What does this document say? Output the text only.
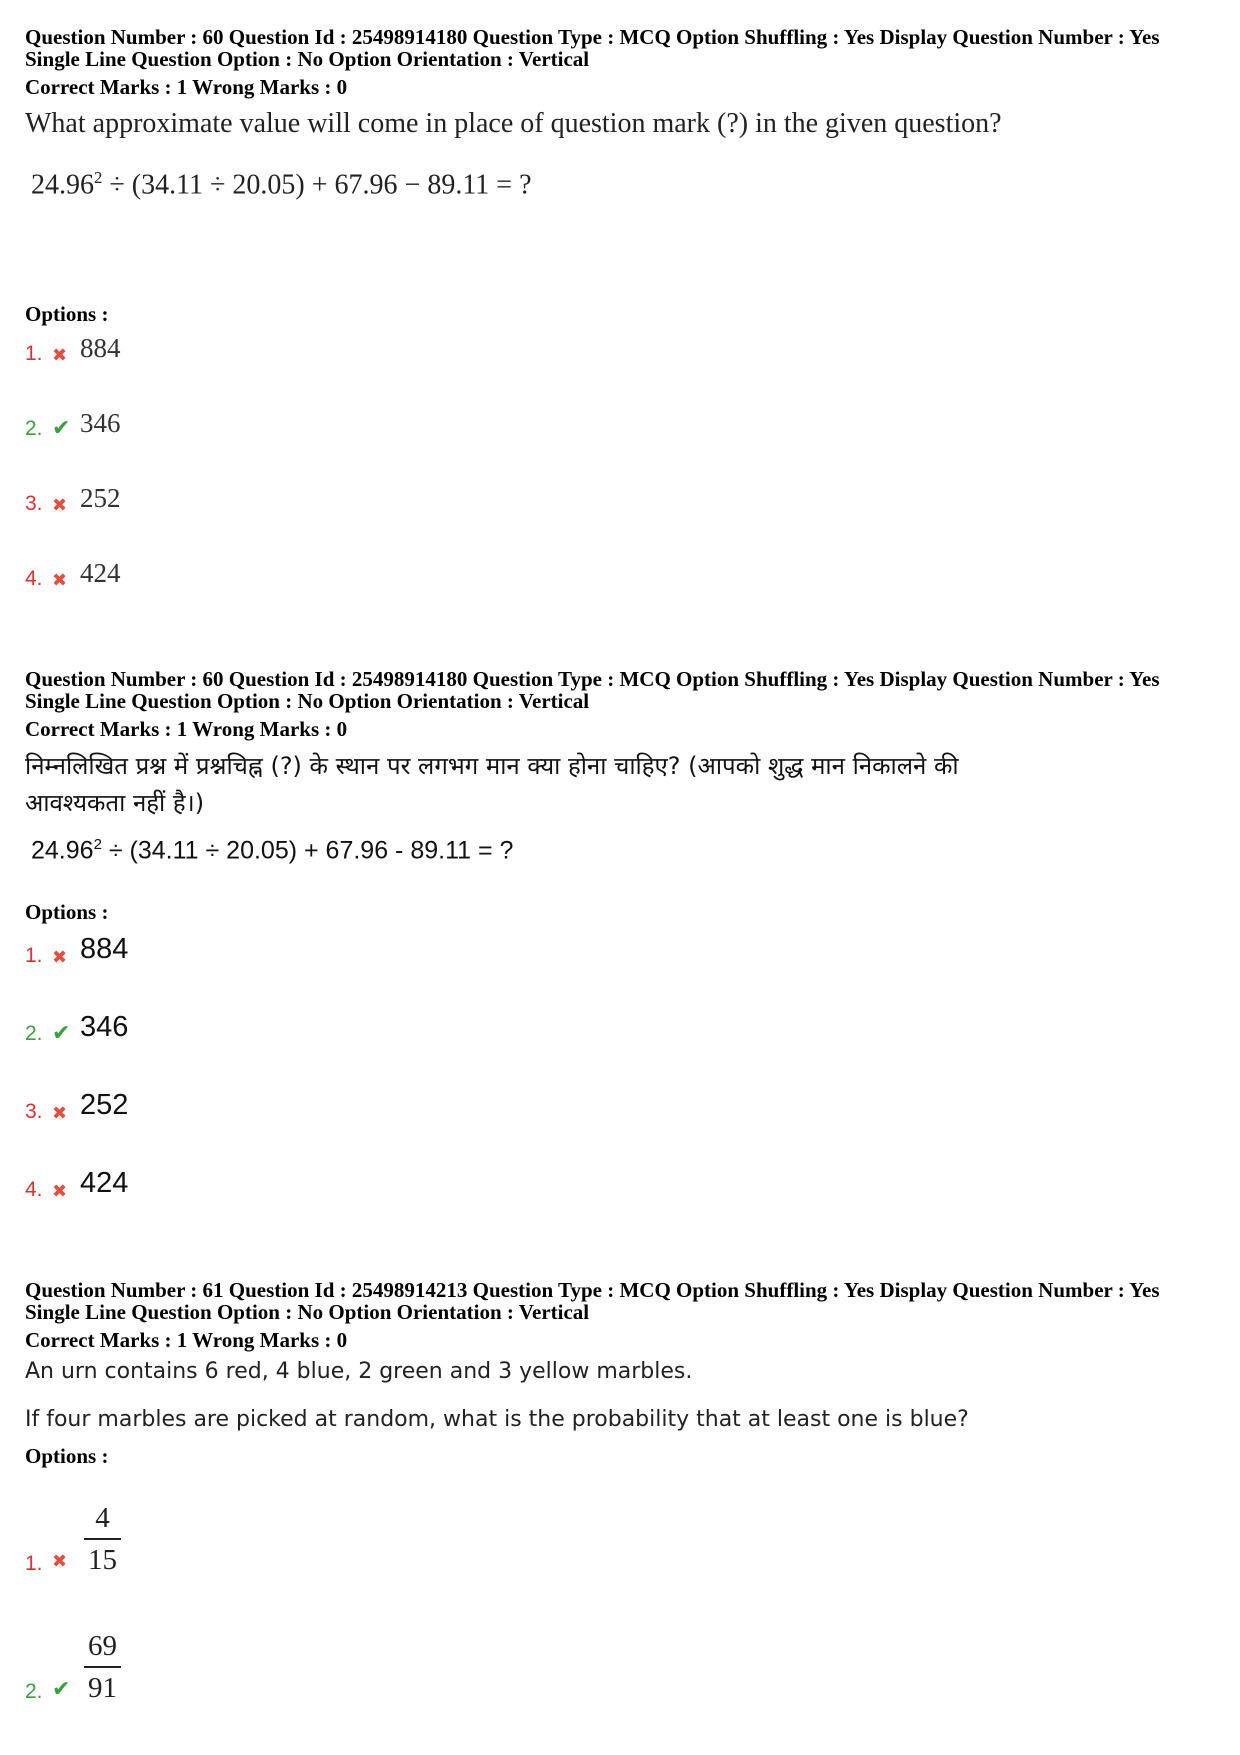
Question Number : 60 Question Id : 25498914180 Question Type : MCQ Option Shuffling : Yes Display Question Number : Yes

Single Line Question Option : No Option Orientation : Vertical

Correct Marks : 1 Wrong Marks : 0

What approximate value will come in place of question mark (?) in the given question?

$24.96^2 \div (34.11 \div 20.05) + 67.96 - 89.11$ = ?

Options :

1. ✖ 884
2. ✔ 346
3. ✖ 252
4. ✖ 424

Question Number : 60 Question Id : 25498914180 Question Type : MCQ Option Shuffling : Yes Display Question Number : Yes

Single Line Question Option : No Option Orientation : Vertical

Correct Marks : 1 Wrong Marks : 0

निम्नलिखित प्रश्न में प्रश्नचिह्न (?) के स्थान पर लगभग मान क्या होना चाहिए? (आपको शुद्ध मान निकालने की
आवश्यकता नहीं है।)

$24.96^2 \div (34.11 \div 20.05) + 67.96 - 89.11$ = ?

Options :

1. ✖ 884
2. ✔ 346
3. ✖ 252
4. ✖ 424

Question Number : 61 Question Id : 25498914213 Question Type : MCQ Option Shuffling : Yes Display Question Number : Yes

Single Line Question Option : No Option Orientation : Vertical

Correct Marks : 1 Wrong Marks : 0

An urn contains 6 red, 4 blue, 2 green and 3 yellow marbles.

If four marbles are picked at random, what is the probability that at least one is blue?

Options :

1. ✖ $\frac{4}{15}$
2. ✔ $\frac{69}{91}$
